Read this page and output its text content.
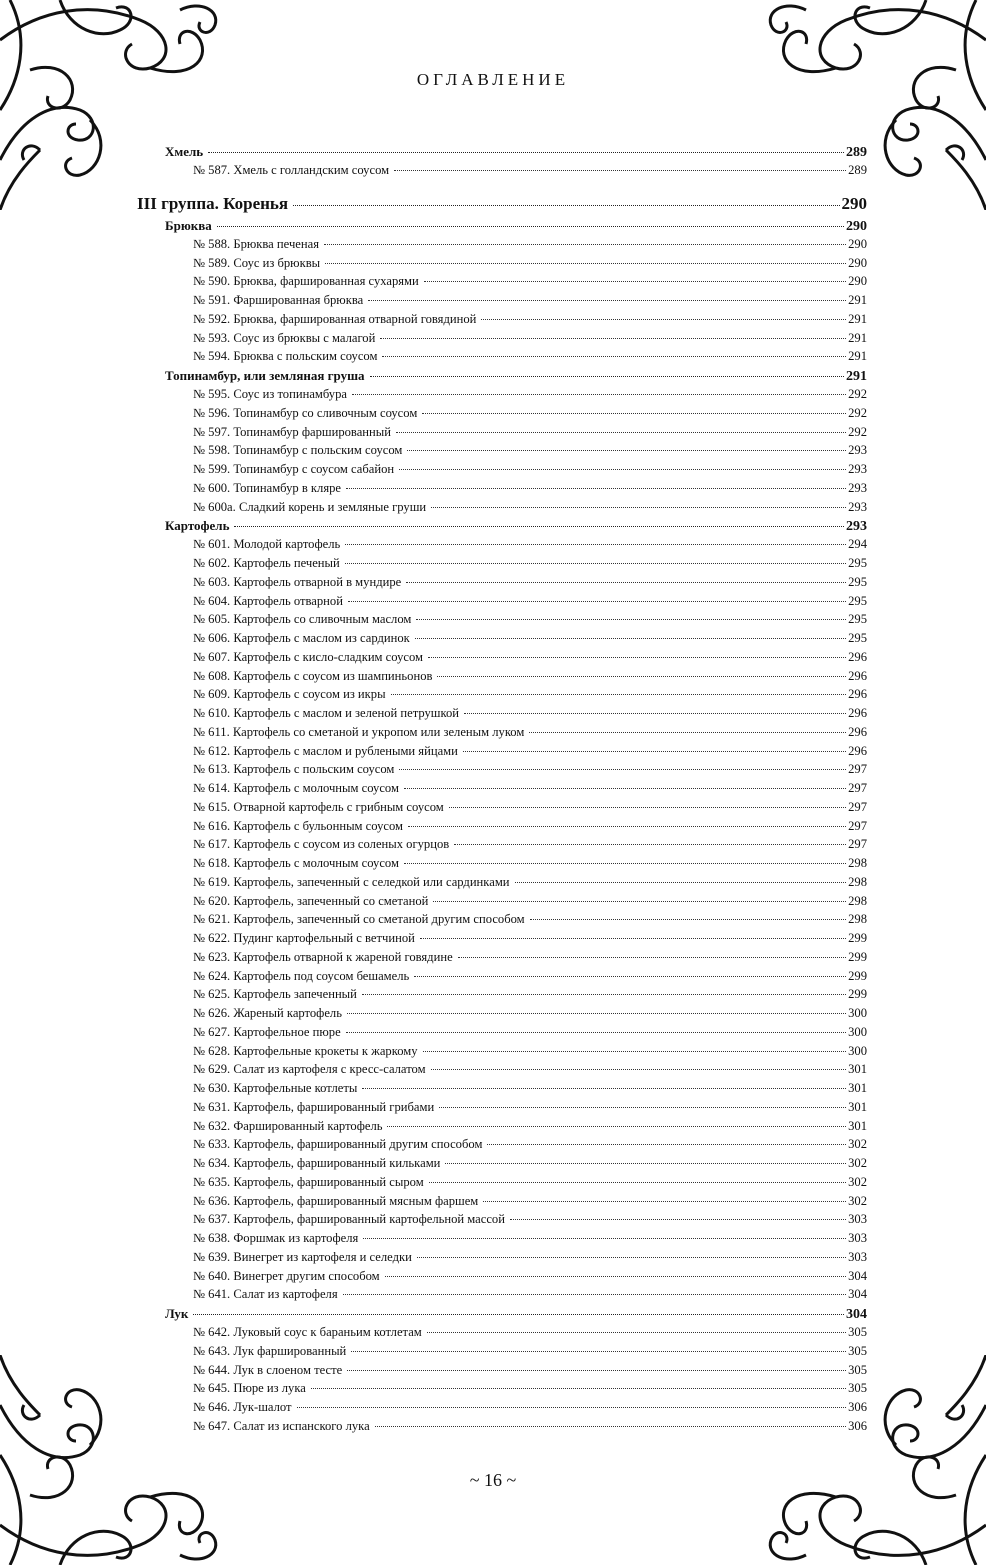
ОГЛАВЛЕНИЕ
Хмель	289
№ 587. Хмель с голландским соусом	289
III группа. Коренья	290
Брюква	290
№ 588. Брюква печеная	290
№ 589. Соус из брюквы	290
№ 590. Брюква, фаршированная сухарями	290
№ 591. Фаршированная брюква	291
№ 592. Брюква, фаршированная отварной говядиной	291
№ 593. Соус из брюквы с малагой	291
№ 594. Брюква с польским соусом	291
Топинамбур, или земляная груша	291
№ 595. Соус из топинамбура	292
№ 596. Топинамбур со сливочным соусом	292
№ 597. Топинамбур фаршированный	292
№ 598. Топинамбур с польским соусом	293
№ 599. Топинамбур с соусом сабайон	293
№ 600. Топинамбур в кляре	293
№ 600а. Сладкий корень и земляные груши	293
Картофель	293
№ 601. Молодой картофель	294
№ 602. Картофель печеный	295
№ 603. Картофель отварной в мундире	295
№ 604. Картофель отварной	295
№ 605. Картофель со сливочным маслом	295
№ 606. Картофель с маслом из сардинок	295
№ 607. Картофель с кисло-сладким соусом	296
№ 608. Картофель с соусом из шампиньонов	296
№ 609. Картофель с соусом из икры	296
№ 610. Картофель с маслом и зеленой петрушкой	296
№ 611. Картофель со сметаной и укропом или зеленым луком	296
№ 612. Картофель с маслом и рублеными яйцами	296
№ 613. Картофель с польским соусом	297
№ 614. Картофель с молочным соусом	297
№ 615. Отварной картофель с грибным соусом	297
№ 616. Картофель с бульонным соусом	297
№ 617. Картофель с соусом из соленых огурцов	297
№ 618. Картофель с молочным соусом	298
№ 619. Картофель, запеченный с селедкой или сардинками	298
№ 620. Картофель, запеченный со сметаной	298
№ 621. Картофель, запеченный со сметаной другим способом	298
№ 622. Пудинг картофельный с ветчиной	299
№ 623. Картофель отварной к жареной говядине	299
№ 624. Картофель под соусом бешамель	299
№ 625. Картофель запеченный	299
№ 626. Жареный картофель	300
№ 627. Картофельное пюре	300
№ 628. Картофельные крокеты к жаркому	300
№ 629. Салат из картофеля с кресс-салатом	301
№ 630. Картофельные котлеты	301
№ 631. Картофель, фаршированный грибами	301
№ 632. Фаршированный картофель	301
№ 633. Картофель, фаршированный другим способом	302
№ 634. Картофель, фаршированный кильками	302
№ 635. Картофель, фаршированный сыром	302
№ 636. Картофель, фаршированный мясным фаршем	302
№ 637. Картофель, фаршированный картофельной массой	303
№ 638. Форшмак из картофеля	303
№ 639. Винегрет из картофеля и селедки	303
№ 640. Винегрет другим способом	304
№ 641. Салат из картофеля	304
Лук	304
№ 642. Луковый соус к бараньим котлетам	305
№ 643. Лук фаршированный	305
№ 644. Лук в слоеном тесте	305
№ 645. Пюре из лука	305
№ 646. Лук-шалот	306
№ 647. Салат из испанского лука	306
~ 16 ~
